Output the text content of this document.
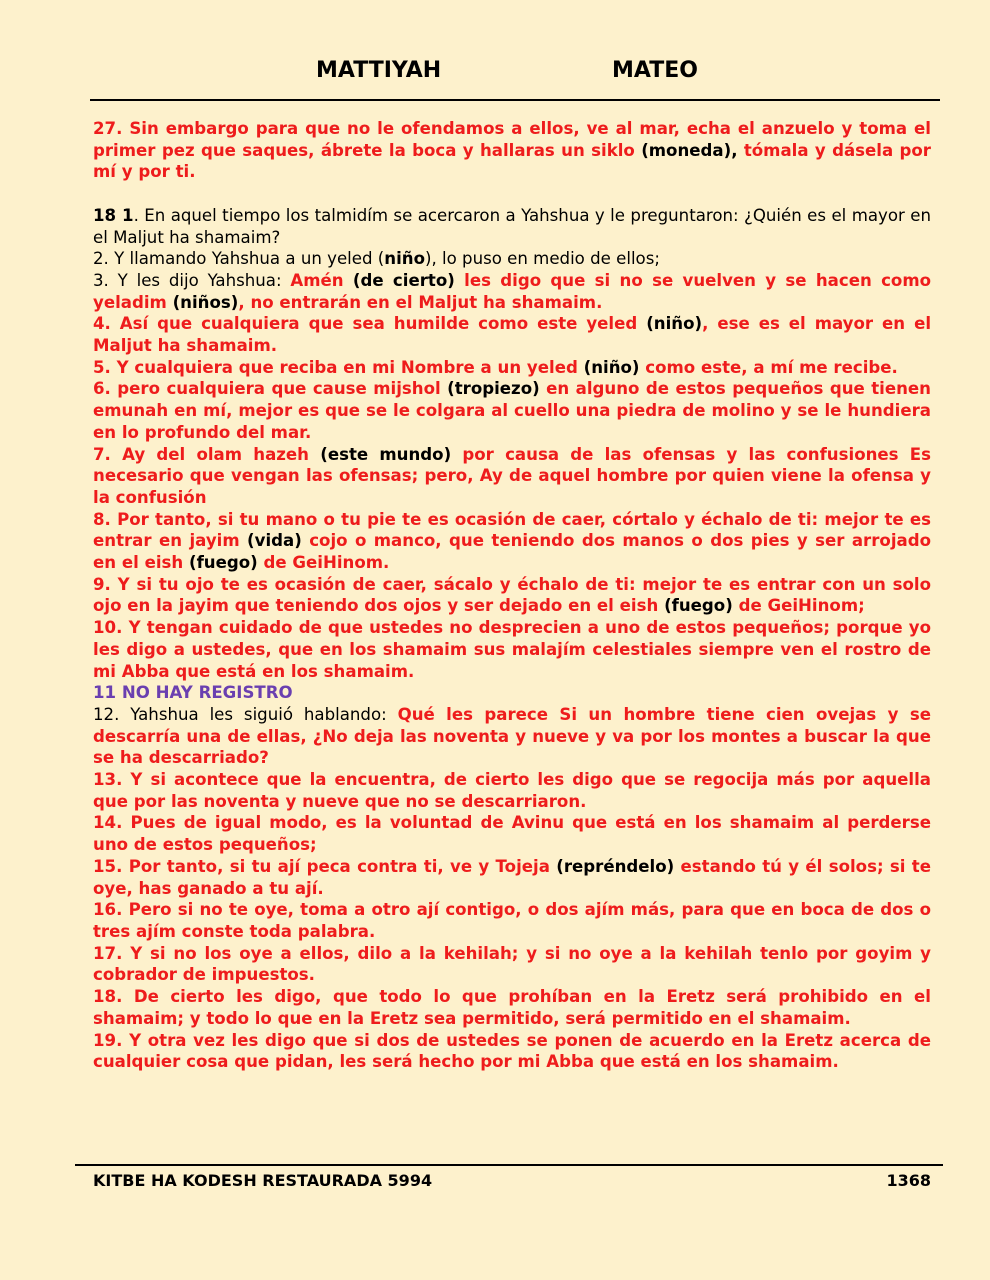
MATTIYAH	MATEO

27. Sin embargo para que no le ofendamos a ellos, ve al mar, echa el anzuelo y toma el primer pez que saques, ábrete la boca y hallaras un siklo (moneda), tómala y dásela por mí y por ti.

18 1. En aquel tiempo los talmidím se acercaron a Yahshua y le preguntaron: ¿Quién es el mayor en el Maljut ha shamaim?

2. Y llamando Yahshua a un yeled (niño), lo puso en medio de ellos;

3. Y les dijo Yahshua: Amén (de cierto) les digo que si no se vuelven y se hacen como yeladim (niños), no entrarán en el Maljut ha shamaim.

4. Así que cualquiera que sea humilde como este yeled (niño), ese es el mayor en el Maljut ha shamaim.

5. Y cualquiera que reciba en mi Nombre a un yeled (niño) como este, a mí me recibe.

6. pero cualquiera que cause mijshol (tropiezo) en alguno de estos pequeños que tienen emunah en mí, mejor es que se le colgara al cuello una piedra de molino y se le hundiera en lo profundo del mar.

7. Ay del olam hazeh (este mundo) por causa de las ofensas y las confusiones Es necesario que vengan las ofensas; pero, Ay de aquel hombre por quien viene la ofensa y la confusión

8. Por tanto, si tu mano o tu pie te es ocasión de caer, córtalo y échalo de ti: mejor te es entrar en jayim (vida) cojo o manco, que teniendo dos manos o dos pies y ser arrojado en el eish (fuego) de GeiHinom.

9. Y si tu ojo te es ocasión de caer, sácalo y échalo de ti: mejor te es entrar con un solo ojo en la jayim que teniendo dos ojos y ser dejado en el eish (fuego) de GeiHinom;

10. Y tengan cuidado de que ustedes no desprecien a uno de estos pequeños; porque yo les digo a ustedes, que en los shamaim sus malajím celestiales siempre ven el rostro de mi Abba que está en los shamaim.

11 NO HAY REGISTRO

12. Yahshua les siguió hablando: Qué les parece Si un hombre tiene cien ovejas y se descarría una de ellas, ¿No deja las noventa y nueve y va por los montes a buscar la que se ha descarriado?

13. Y si acontece que la encuentra, de cierto les digo que se regocija más por aquella que por las noventa y nueve que no se descarriaron.

14. Pues de igual modo, es la voluntad de Avinu que está en los shamaim al perderse uno de estos pequeños;

15. Por tanto, si tu ají peca contra ti, ve y Tojeja (repréndelo) estando tú y él solos; si te oye, has ganado a tu ají.

16. Pero si no te oye, toma a otro ají contigo, o dos ajím más, para que en boca de dos o tres ajím conste toda palabra.

17. Y si no los oye a ellos, dilo a la kehilah; y si no oye a la kehilah tenlo por goyim y cobrador de impuestos.

18. De cierto les digo, que todo lo que prohíban en la Eretz será prohibido en el shamaim; y todo lo que en la Eretz sea permitido, será permitido en el shamaim.

19. Y otra vez les digo que si dos de ustedes se ponen de acuerdo en la Eretz acerca de cualquier cosa que pidan, les será hecho por mi Abba que está en los shamaim.

KITBE HA KODESH RESTAURADA 5994	1368
